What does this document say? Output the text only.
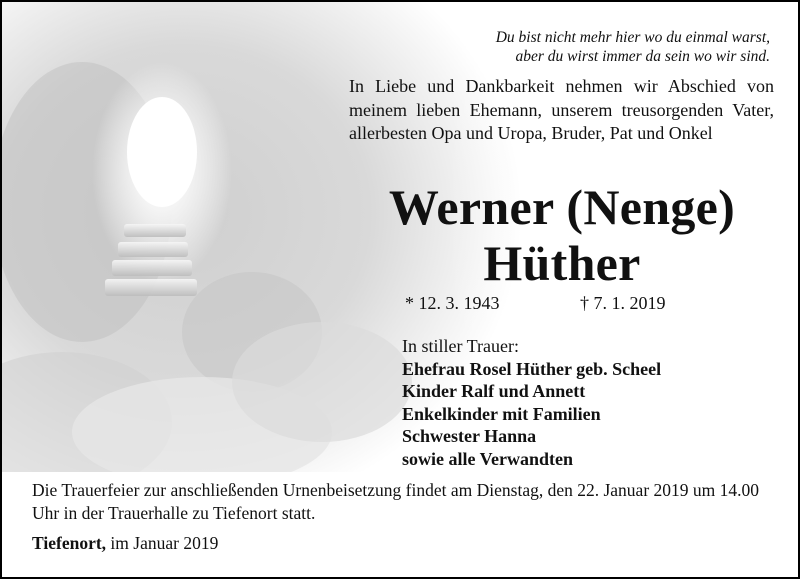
Du bist nicht mehr hier wo du einmal warst,
aber du wirst immer da sein wo wir sind.
In Liebe und Dankbarkeit nehmen wir Abschied von meinem lieben Ehemann, unserem treusorgenden Vater, allerbesten Opa und Uropa, Bruder, Pat und Onkel
Werner (Nenge)
Hüther
* 12. 3. 1943	† 7. 1. 2019
In stiller Trauer:
Ehefrau Rosel Hüther geb. Scheel
Kinder Ralf und Annett
Enkelkinder mit Familien
Schwester Hanna
sowie alle Verwandten
Die Trauerfeier zur anschließenden Urnenbeisetzung findet am Dienstag, den 22. Januar 2019 um 14.00 Uhr in der Trauerhalle zu Tiefenort statt.
Tiefenort, im Januar 2019
